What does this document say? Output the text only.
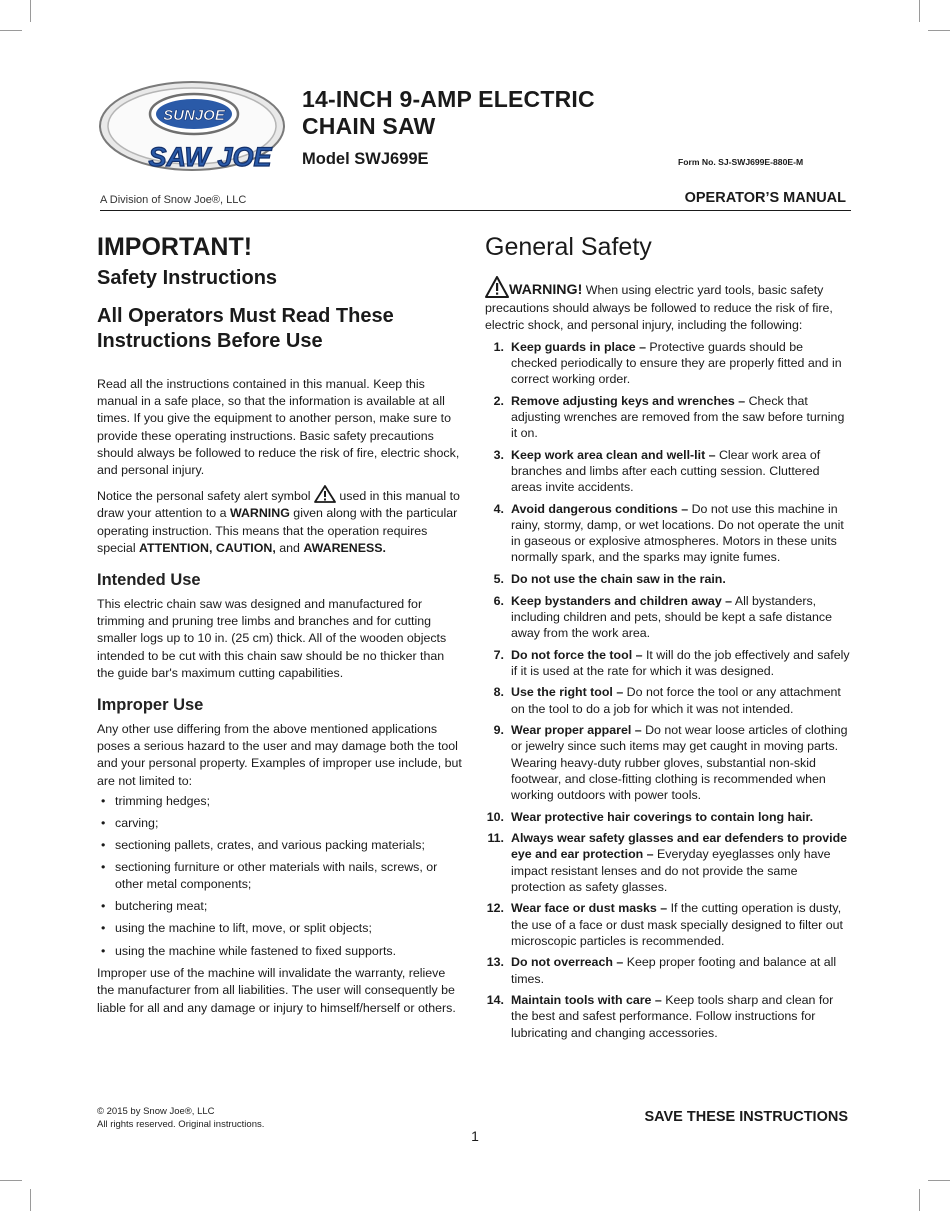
SUNJOE
SAW JOE
14-INCH 9-AMP ELECTRIC
CHAIN SAW
Model SWJ699E	Form No. SJ-SWJ699E-880E-M
A Division of Snow Joe®, LLC	OPERATOR’S MANUAL
IMPORTANT!
Safety Instructions
All Operators Must Read These
Instructions Before Use

Read all the instructions contained in this manual. Keep this manual in a safe place, so that the information is available at all times. If you give the equipment to another person, make sure to provide these operating instructions. Basic safety precautions should always be followed to reduce the risk of fire, electric shock, and personal injury.

Notice the personal safety alert symbol used in this manual to draw your attention to a WARNING given along with the particular operating instruction. This means that the operation requires special ATTENTION, CAUTION, and AWARENESS.

Intended Use

This electric chain saw was designed and manufactured for trimming and pruning tree limbs and branches and for cutting smaller logs up to 10 in. (25 cm) thick. All of the wooden objects intended to be cut with this chain saw should be no thicker than the guide bar's maximum cutting capabilities.

Improper Use

Any other use differing from the above mentioned applications poses a serious hazard to the user and may damage both the tool and your personal property. Examples of improper use include, but are not limited to:

• trimming hedges;
• carving;
• sectioning pallets, crates, and various packing materials;
• sectioning furniture or other materials with nails, screws, or other metal components;
• butchering meat;
• using the machine to lift, move, or split objects;
• using the machine while fastened to fixed supports.

Improper use of the machine will invalidate the warranty, relieve the manufacturer from all liabilities. The user will consequently be liable for all and any damage or injury to himself/herself or others.

General Safety

WARNING! When using electric yard tools, basic safety precautions should always be followed to reduce the risk of fire, electric shock, and personal injury, including the following:

1. Keep guards in place – Protective guards should be checked periodically to ensure they are properly fitted and in correct working order.
2. Remove adjusting keys and wrenches – Check that adjusting wrenches are removed from the saw before turning it on.
3. Keep work area clean and well-lit – Clear work area of branches and limbs after each cutting session. Cluttered areas invite accidents.
4. Avoid dangerous conditions – Do not use this machine in rainy, stormy, damp, or wet locations. Do not operate the unit in gaseous or explosive atmospheres. Motors in these units normally spark, and the sparks may ignite fumes.
5. Do not use the chain saw in the rain.
6. Keep bystanders and children away – All bystanders, including children and pets, should be kept a safe distance away from the work area.
7. Do not force the tool – It will do the job effectively and safely if it is used at the rate for which it was designed.
8. Use the right tool – Do not force the tool or any attachment on the tool to do a job for which it was not intended.
9. Wear proper apparel – Do not wear loose articles of clothing or jewelry since such items may get caught in moving parts. Wearing heavy-duty rubber gloves, substantial non-skid footwear, and close-fitting clothing is recommended when working outdoors with power tools.
10. Wear protective hair coverings to contain long hair.
11. Always wear safety glasses and ear defenders to provide eye and ear protection – Everyday eyeglasses only have impact resistant lenses and do not provide the same protection as safety glasses.
12. Wear face or dust masks – If the cutting operation is dusty, the use of a face or dust mask specially designed to filter out microscopic particles is recommended.
13. Do not overreach – Keep proper footing and balance at all times.
14. Maintain tools with care – Keep tools sharp and clean for the best and safest performance. Follow instructions for lubricating and changing accessories.
© 2015 by Snow Joe®, LLC
All rights reserved. Original instructions.	SAVE THESE INSTRUCTIONS
1
